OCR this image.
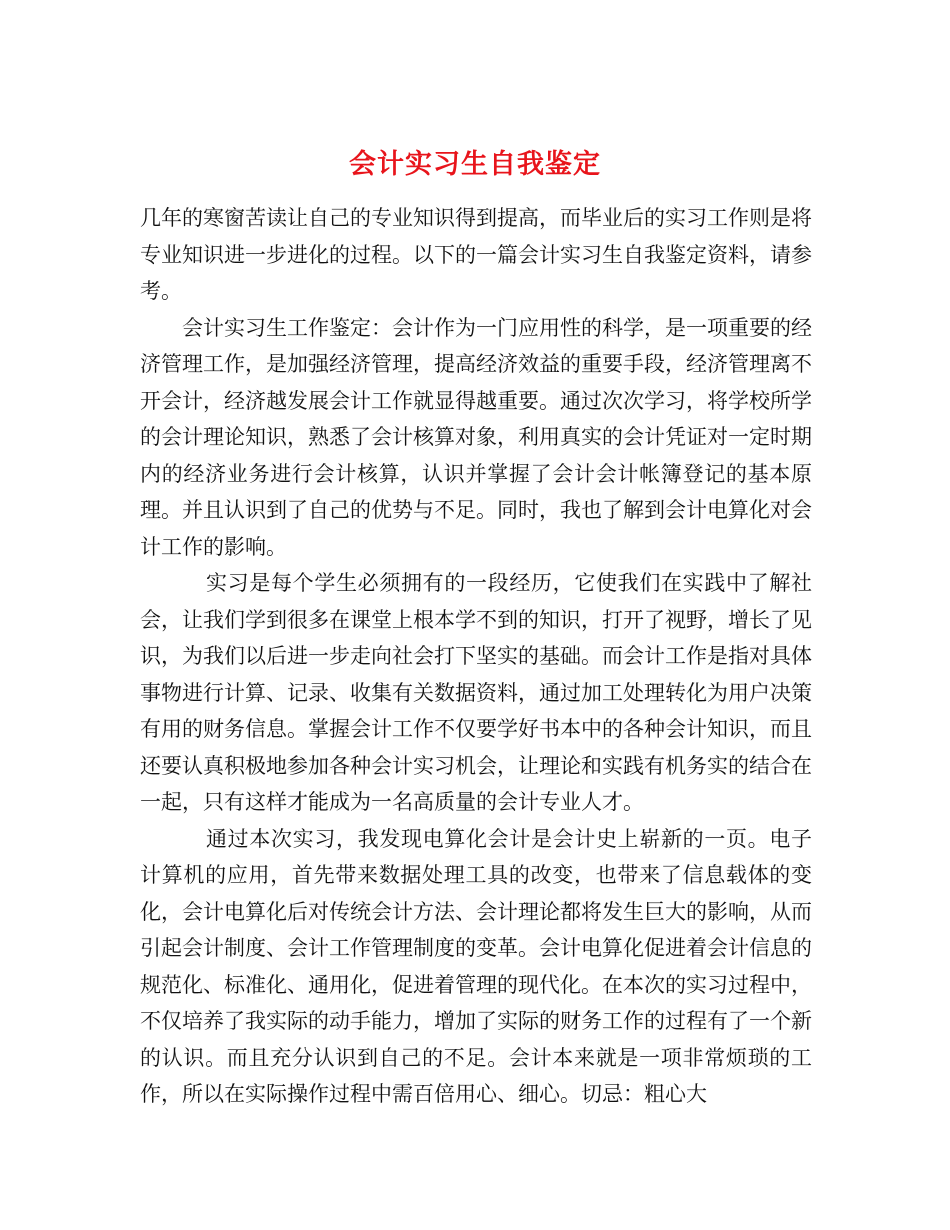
会计实习生自我鉴定

几年的寒窗苦读让自己的专业知识得到提高，而毕业后的实习工作则是将专业知识进一步进化的过程。以下的一篇会计实习生自我鉴定资料，请参考。

会计实习生工作鉴定：会计作为一门应用性的科学，是一项重要的经济管理工作，是加强经济管理，提高经济效益的重要手段，经济管理离不开会计，经济越发展会计工作就显得越重要。通过次次学习，将学校所学的会计理论知识，熟悉了会计核算对象，利用真实的会计凭证对一定时期内的经济业务进行会计核算，认识并掌握了会计会计帐簿登记的基本原理。并且认识到了自己的优势与不足。同时，我也了解到会计电算化对会计工作的影响。

实习是每个学生必须拥有的一段经历，它使我们在实践中了解社会，让我们学到很多在课堂上根本学不到的知识，打开了视野，增长了见识，为我们以后进一步走向社会打下坚实的基础。而会计工作是指对具体事物进行计算、记录、收集有关数据资料，通过加工处理转化为用户决策有用的财务信息。掌握会计工作不仅要学好书本中的各种会计知识，而且还要认真积极地参加各种会计实习机会，让理论和实践有机务实的结合在一起，只有这样才能成为一名高质量的会计专业人才。

通过本次实习，我发现电算化会计是会计史上崭新的一页。电子计算机的应用，首先带来数据处理工具的改变，也带来了信息载体的变化，会计电算化后对传统会计方法、会计理论都将发生巨大的影响，从而引起会计制度、会计工作管理制度的变革。会计电算化促进着会计信息的规范化、标准化、通用化，促进着管理的现代化。在本次的实习过程中，不仅培养了我实际的动手能力，增加了实际的财务工作的过程有了一个新的认识。而且充分认识到自己的不足。会计本来就是一项非常烦琐的工作，所以在实际操作过程中需百倍用心、细心。切忌：粗心大
